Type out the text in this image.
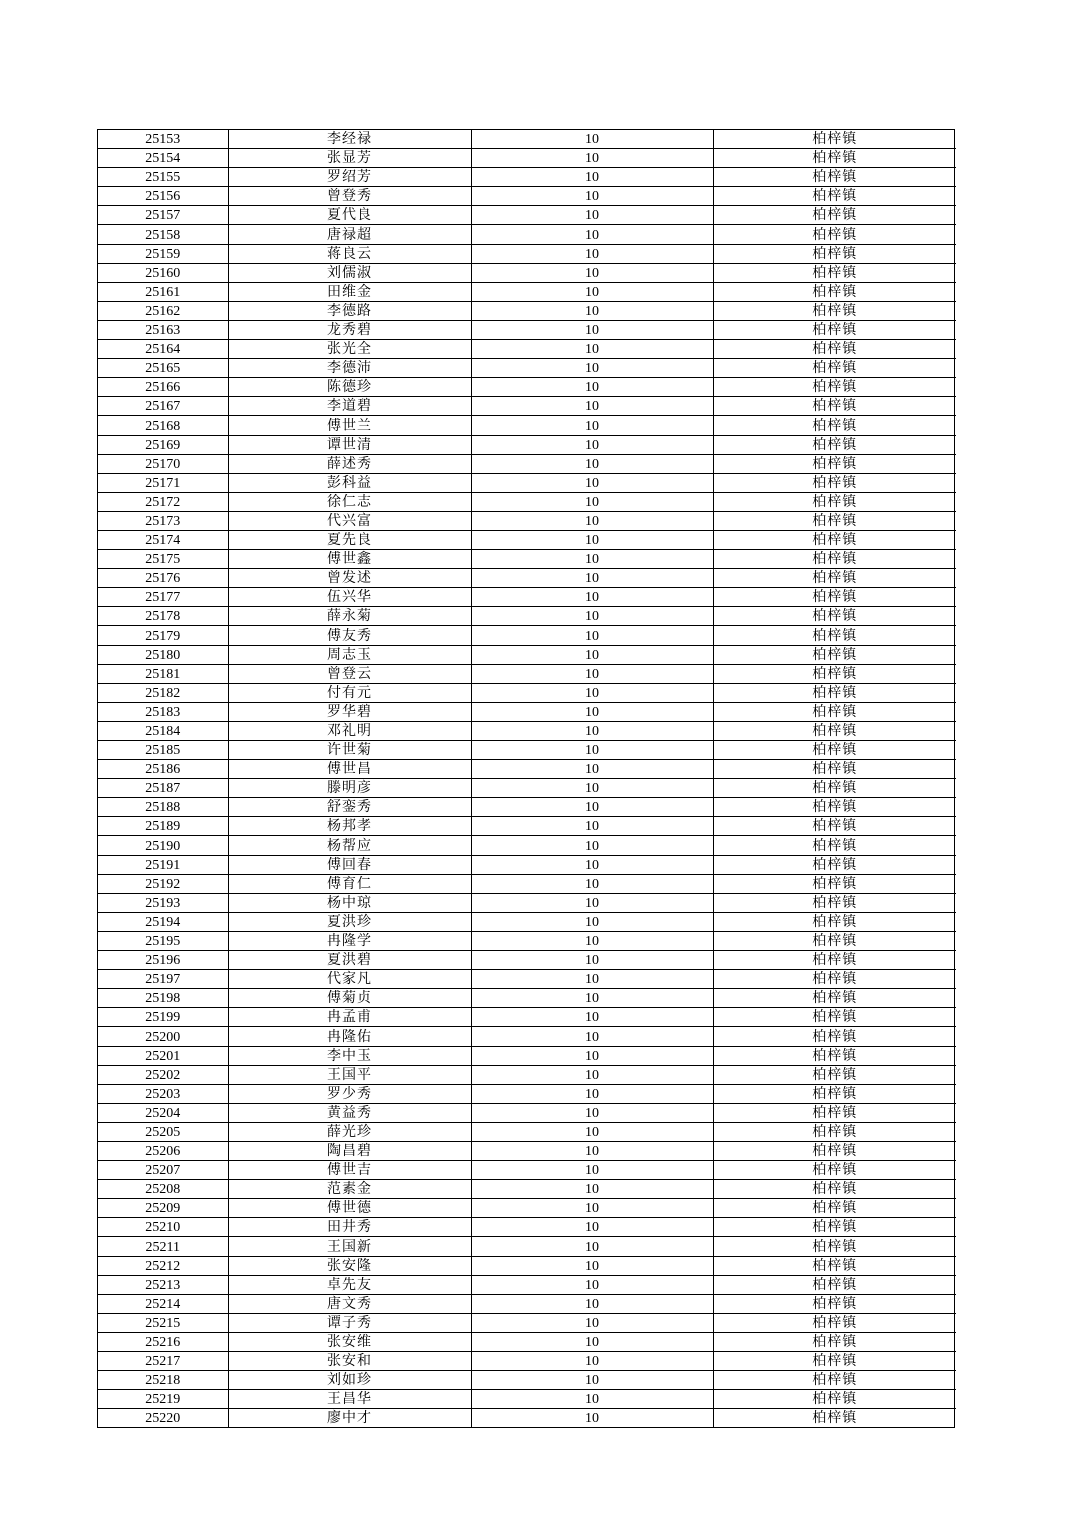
25153	李经禄	10	柏梓镇
25154	张显芳	10	柏梓镇
25155	罗绍芳	10	柏梓镇
25156	曾登秀	10	柏梓镇
25157	夏代良	10	柏梓镇
25158	唐禄超	10	柏梓镇
25159	蒋良云	10	柏梓镇
25160	刘儒淑	10	柏梓镇
25161	田维金	10	柏梓镇
25162	李德路	10	柏梓镇
25163	龙秀碧	10	柏梓镇
25164	张光全	10	柏梓镇
25165	李德沛	10	柏梓镇
25166	陈德珍	10	柏梓镇
25167	李道碧	10	柏梓镇
25168	傅世兰	10	柏梓镇
25169	谭世清	10	柏梓镇
25170	薛述秀	10	柏梓镇
25171	彭科益	10	柏梓镇
25172	徐仁志	10	柏梓镇
25173	代兴富	10	柏梓镇
25174	夏先良	10	柏梓镇
25175	傅世鑫	10	柏梓镇
25176	曾发述	10	柏梓镇
25177	伍兴华	10	柏梓镇
25178	薛永菊	10	柏梓镇
25179	傅友秀	10	柏梓镇
25180	周志玉	10	柏梓镇
25181	曾登云	10	柏梓镇
25182	付有元	10	柏梓镇
25183	罗华碧	10	柏梓镇
25184	邓礼明	10	柏梓镇
25185	许世菊	10	柏梓镇
25186	傅世昌	10	柏梓镇
25187	滕明彦	10	柏梓镇
25188	舒銮秀	10	柏梓镇
25189	杨邦孝	10	柏梓镇
25190	杨帮应	10	柏梓镇
25191	傅回春	10	柏梓镇
25192	傅育仁	10	柏梓镇
25193	杨中琼	10	柏梓镇
25194	夏洪珍	10	柏梓镇
25195	冉隆学	10	柏梓镇
25196	夏洪碧	10	柏梓镇
25197	代家凡	10	柏梓镇
25198	傅菊贞	10	柏梓镇
25199	冉孟甫	10	柏梓镇
25200	冉隆佑	10	柏梓镇
25201	李中玉	10	柏梓镇
25202	王国平	10	柏梓镇
25203	罗少秀	10	柏梓镇
25204	黄益秀	10	柏梓镇
25205	薛光珍	10	柏梓镇
25206	陶昌碧	10	柏梓镇
25207	傅世吉	10	柏梓镇
25208	范素金	10	柏梓镇
25209	傅世德	10	柏梓镇
25210	田井秀	10	柏梓镇
25211	王国新	10	柏梓镇
25212	张安隆	10	柏梓镇
25213	卓先友	10	柏梓镇
25214	唐文秀	10	柏梓镇
25215	谭子秀	10	柏梓镇
25216	张安维	10	柏梓镇
25217	张安和	10	柏梓镇
25218	刘如珍	10	柏梓镇
25219	王昌华	10	柏梓镇
25220	廖中才	10	柏梓镇
